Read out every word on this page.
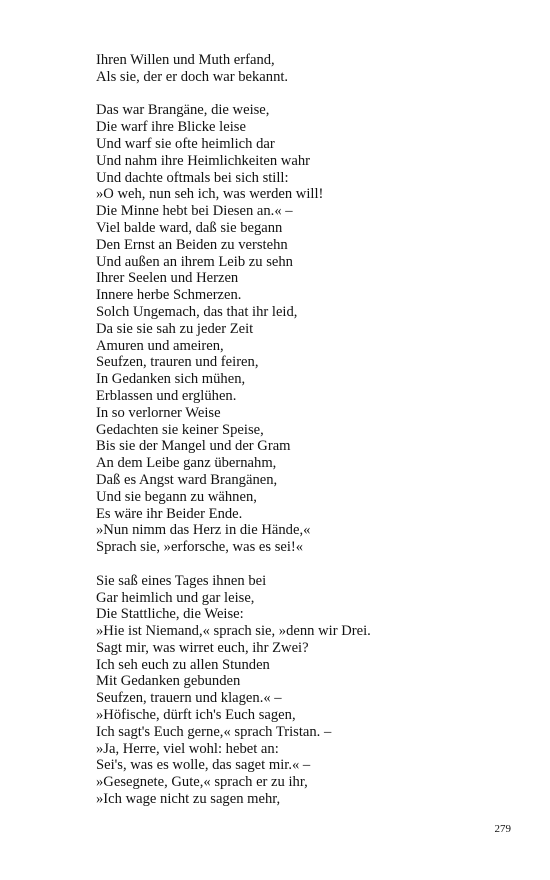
Ihren Willen und Muth erfand,
Als sie, der er doch war bekannt.
Das war Brangäne, die weise,
Die warf ihre Blicke leise
Und warf sie ofte heimlich dar
Und nahm ihre Heimlichkeiten wahr
Und dachte oftmals bei sich still:
»O weh, nun seh ich, was werden will!
Die Minne hebt bei Diesen an.« –
Viel balde ward, daß sie begann
Den Ernst an Beiden zu verstehn
Und außen an ihrem Leib zu sehn
Ihrer Seelen und Herzen
Innere herbe Schmerzen.
Solch Ungemach, das that ihr leid,
Da sie sie sah zu jeder Zeit
Amuren und ameiren,
Seufzen, trauren und feiren,
In Gedanken sich mühen,
Erblassen und erglühen.
In so verlorner Weise
Gedachten sie keiner Speise,
Bis sie der Mangel und der Gram
An dem Leibe ganz übernahm,
Daß es Angst ward Brangänen,
Und sie begann zu wähnen,
Es wäre ihr Beider Ende.
»Nun nimm das Herz in die Hände,«
Sprach sie, »erforsche, was es sei!«
Sie saß eines Tages ihnen bei
Gar heimlich und gar leise,
Die Stattliche, die Weise:
»Hie ist Niemand,« sprach sie, »denn wir Drei.
Sagt mir, was wirret euch, ihr Zwei?
Ich seh euch zu allen Stunden
Mit Gedanken gebunden
Seufzen, trauern und klagen.« –
»Höfische, dürft ich's Euch sagen,
Ich sagt's Euch gerne,« sprach Tristan. –
»Ja, Herre, viel wohl: hebet an:
Sei's, was es wolle, das saget mir.« –
»Gesegnete, Gute,« sprach er zu ihr,
»Ich wage nicht zu sagen mehr,
279
